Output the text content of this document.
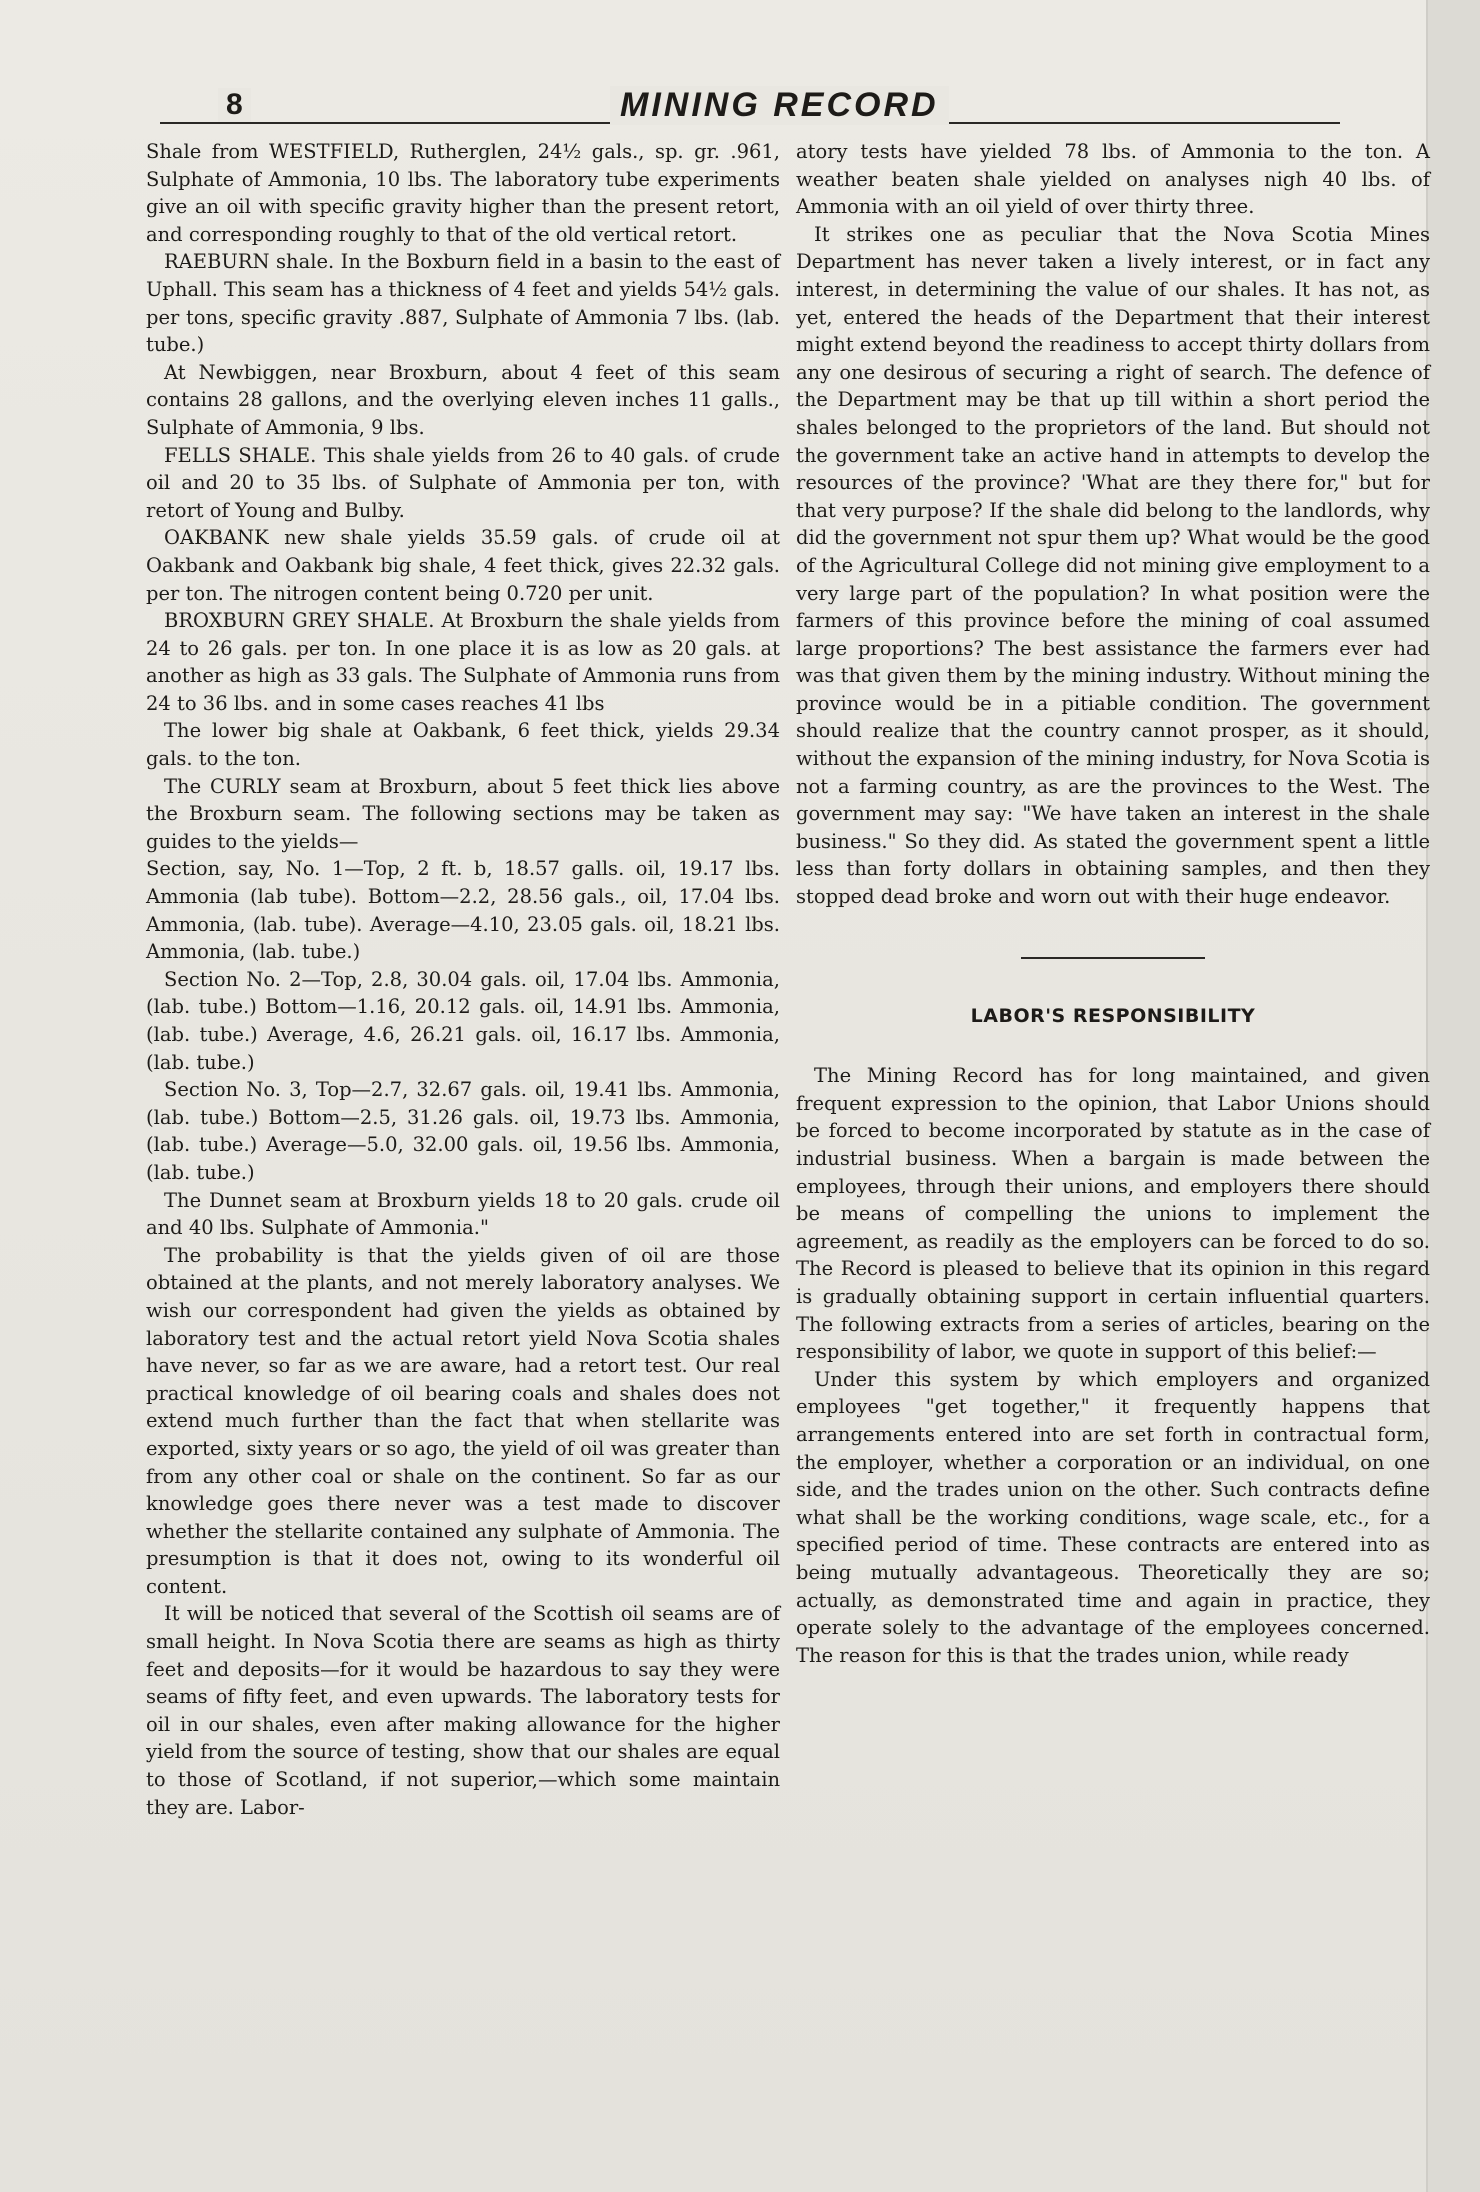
8	MINING RECORD

Shale from WESTFIELD, Rutherglen, 24½ gals., sp. gr. .961, Sulphate of Ammonia, 10 lbs. The laboratory tube experiments give an oil with specific gravity higher than the present retort, and corresponding roughly to that of the old vertical retort.

RAEBURN shale. In the Boxburn field in a basin to the east of Uphall. This seam has a thickness of 4 feet and yields 54½ gals. per tons, specific gravity .887, Sulphate of Ammonia 7 lbs. (lab. tube.)

At Newbiggen, near Broxburn, about 4 feet of this seam contains 28 gallons, and the overlying eleven inches 11 galls., Sulphate of Ammonia, 9 lbs.

FELLS SHALE. This shale yields from 26 to 40 gals. of crude oil and 20 to 35 lbs. of Sulphate of Ammonia per ton, with retort of Young and Bulby.

OAKBANK new shale yields 35.59 gals. of crude oil at Oakbank and Oakbank big shale, 4 feet thick, gives 22.32 gals. per ton. The nitrogen content being 0.720 per unit.

BROXBURN GREY SHALE. At Broxburn the shale yields from 24 to 26 gals. per ton. In one place it is as low as 20 gals. at another as high as 33 gals. The Sulphate of Ammonia runs from 24 to 36 lbs. and in some cases reaches 41 lbs

The lower big shale at Oakbank, 6 feet thick, yields 29.34 gals. to the ton.

The CURLY seam at Broxburn, about 5 feet thick lies above the Broxburn seam. The following sections may be taken as guides to the yields—

Section, say, No. 1—Top, 2 ft. b, 18.57 galls. oil, 19.17 lbs. Ammonia (lab tube). Bottom—2.2, 28.56 gals., oil, 17.04 lbs. Ammonia, (lab. tube). Average—4.10, 23.05 gals. oil, 18.21 lbs. Ammonia, (lab. tube.)

Section No. 2—Top, 2.8, 30.04 gals. oil, 17.04 lbs. Ammonia, (lab. tube.) Bottom—1.16, 20.12 gals. oil, 14.91 lbs. Ammonia, (lab. tube.) Average, 4.6, 26.21 gals. oil, 16.17 lbs. Ammonia, (lab. tube.)

Section No. 3, Top—2.7, 32.67 gals. oil, 19.41 lbs. Ammonia, (lab. tube.) Bottom—2.5, 31.26 gals. oil, 19.73 lbs. Ammonia, (lab. tube.) Average—5.0, 32.00 gals. oil, 19.56 lbs. Ammonia, (lab. tube.)

The Dunnet seam at Broxburn yields 18 to 20 gals. crude oil and 40 lbs. Sulphate of Ammonia."

The probability is that the yields given of oil are those obtained at the plants, and not merely laboratory analyses. We wish our correspondent had given the yields as obtained by laboratory test and the actual retort yield Nova Scotia shales have never, so far as we are aware, had a retort test. Our real practical knowledge of oil bearing coals and shales does not extend much further than the fact that when stellarite was exported, sixty years or so ago, the yield of oil was greater than from any other coal or shale on the continent. So far as our knowledge goes there never was a test made to discover whether the stellarite contained any sulphate of Ammonia. The presumption is that it does not, owing to its wonderful oil content.

It will be noticed that several of the Scottish oil seams are of small height. In Nova Scotia there are seams as high as thirty feet and deposits—for it would be hazardous to say they were seams of fifty feet, and even upwards. The laboratory tests for oil in our shales, even after making allowance for the higher yield from the source of testing, show that our shales are equal to those of Scotland, if not superior,—which some maintain they are. Labor-

atory tests have yielded 78 lbs. of Ammonia to the ton. A weather beaten shale yielded on analyses nigh 40 lbs. of Ammonia with an oil yield of over thirty three.

It strikes one as peculiar that the Nova Scotia Mines Department has never taken a lively interest, or in fact any interest, in determining the value of our shales. It has not, as yet, entered the heads of the Department that their interest might extend beyond the readiness to accept thirty dollars from any one desirous of securing a right of search. The defence of the Department may be that up till within a short period the shales belonged to the proprietors of the land. But should not the government take an active hand in attempts to develop the resources of the province? 'What are they there for," but for that very purpose? If the shale did belong to the landlords, why did the government not spur them up? What would be the good of the Agricultural College did not mining give employment to a very large part of the population? In what position were the farmers of this province before the mining of coal assumed large proportions? The best assistance the farmers ever had was that given them by the mining industry. Without mining the province would be in a pitiable condition. The government should realize that the country cannot prosper, as it should, without the expansion of the mining industry, for Nova Scotia is not a farming country, as are the provinces to the West. The government may say: "We have taken an interest in the shale business." So they did. As stated the government spent a little less than forty dollars in obtaining samples, and then they stopped dead broke and worn out with their huge endeavor.

LABOR'S RESPONSIBILITY

The Mining Record has for long maintained, and given frequent expression to the opinion, that Labor Unions should be forced to become incorporated by statute as in the case of industrial business. When a bargain is made between the employees, through their unions, and employers there should be means of compelling the unions to implement the agreement, as readily as the employers can be forced to do so. The Record is pleased to believe that its opinion in this regard is gradually obtaining support in certain influential quarters. The following extracts from a series of articles, bearing on the responsibility of labor, we quote in support of this belief:—

Under this system by which employers and organized employees "get together," it frequently happens that arrangements entered into are set forth in contractual form, the employer, whether a corporation or an individual, on one side, and the trades union on the other. Such contracts define what shall be the working conditions, wage scale, etc., for a specified period of time. These contracts are entered into as being mutually advantageous. Theoretically they are so; actually, as demonstrated time and again in practice, they operate solely to the advantage of the employees concerned. The reason for this is that the trades union, while ready
